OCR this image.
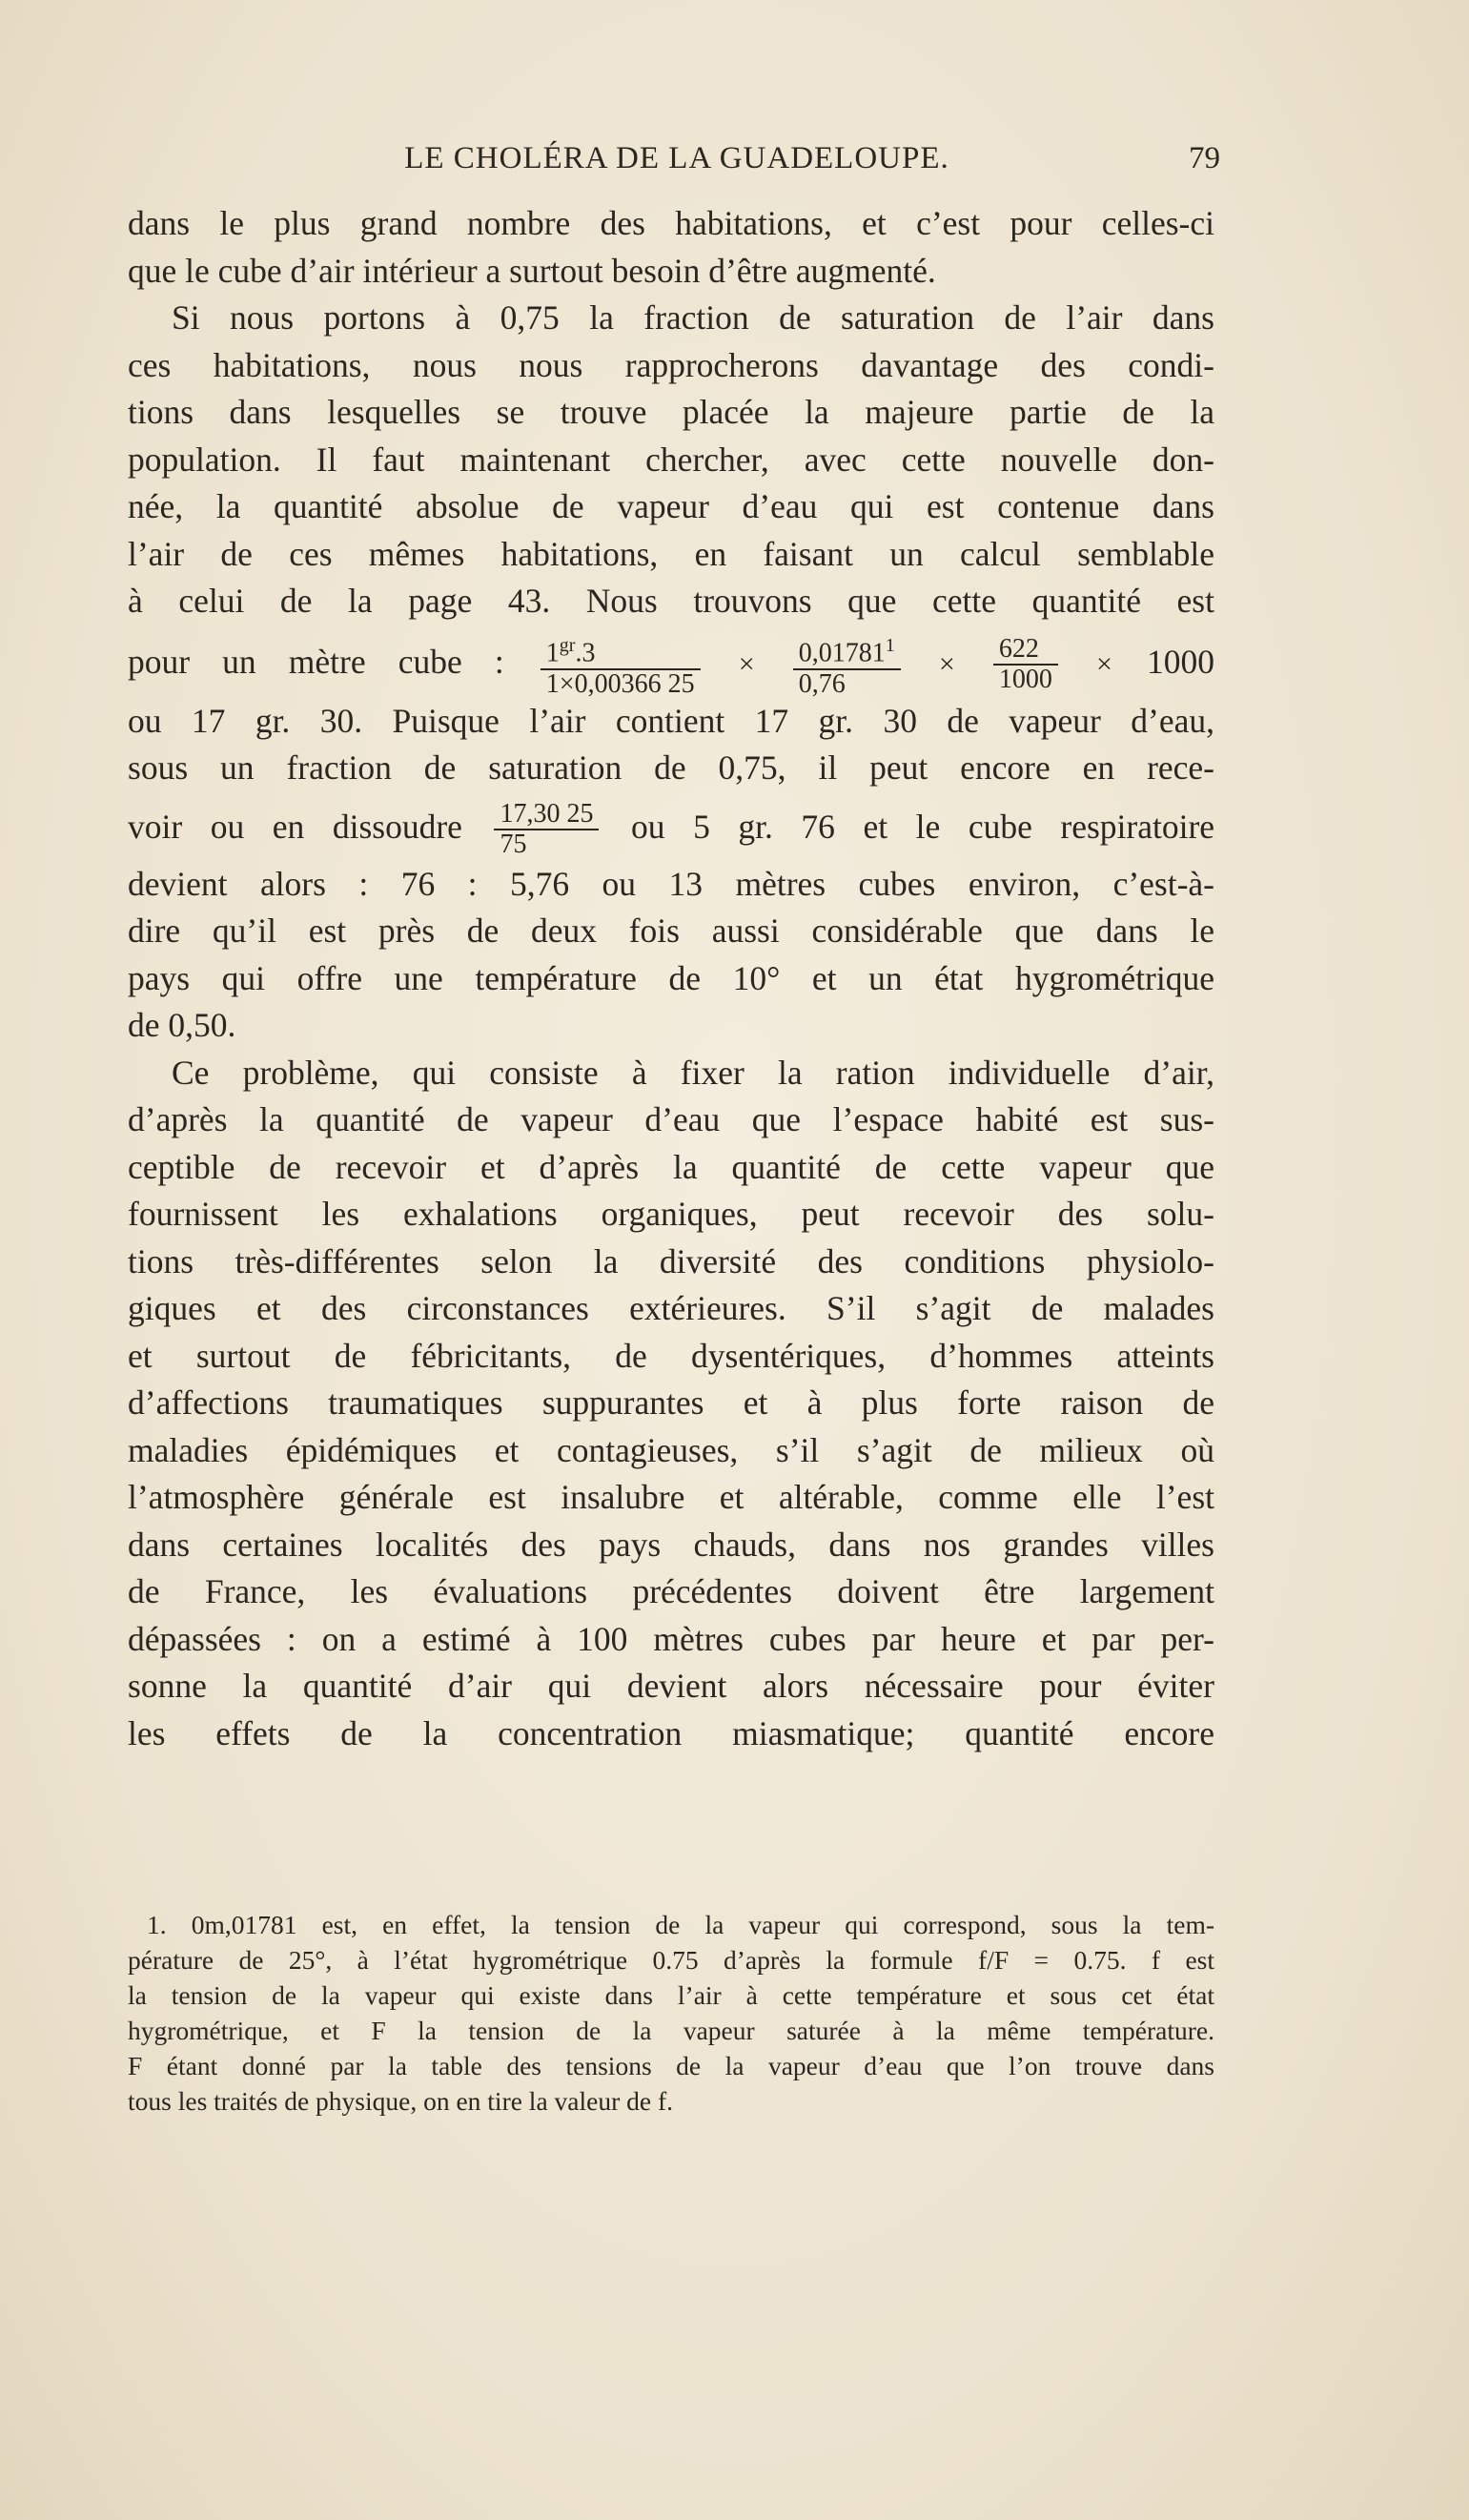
LE CHOLÉRA DE LA GUADELOUPE.	79

dans le plus grand nombre des habitations, et c’est pour celles-ci
que le cube d’air intérieur a surtout besoin d’être augmenté.

Si nous portons à 0,75 la fraction de saturation de l’air dans
ces habitations, nous nous rapprocherons davantage des condi-
tions dans lesquelles se trouve placée la majeure partie de la
population. Il faut maintenant chercher, avec cette nouvelle don-
née, la quantité absolue de vapeur d’eau qui est contenue dans
l’air de ces mêmes habitations, en faisant un calcul semblable
à celui de la page 43. Nous trouvons que cette quantité est
pour un mètre cube : $\frac{1^{gr}.3}{1\times 0,00366 25} \times \frac{0,01781^1}{0,76} \times \frac{622}{1000} \times 1000$
ou 17 gr. 30. Puisque l’air contient 17 gr. 30 de vapeur d’eau,
sous un fraction de saturation de 0,75, il peut encore en rece-
voir ou en dissoudre $\frac{17,30 25}{75}$ ou 5 gr. 76 et le cube respiratoire
devient alors : 76 : 5,76 ou 13 mètres cubes environ, c’est-à-
dire qu’il est près de deux fois aussi considérable que dans le
pays qui offre une température de 10° et un état hygrométrique
de 0,50.

Ce problème, qui consiste à fixer la ration individuelle d’air,
d’après la quantité de vapeur d’eau que l’espace habité est sus-
ceptible de recevoir et d’après la quantité de cette vapeur que
fournissent les exhalations organiques, peut recevoir des solu-
tions très-différentes selon la diversité des conditions physiolo-
giques et des circonstances extérieures. S’il s’agit de malades
et surtout de fébricitants, de dysentériques, d’hommes atteints
d’affections traumatiques suppurantes et à plus forte raison de
maladies épidémiques et contagieuses, s’il s’agit de milieux où
l’atmosphère générale est insalubre et altérable, comme elle l’est
dans certaines localités des pays chauds, dans nos grandes villes
de France, les évaluations précédentes doivent être largement
dépassées : on a estimé à 100 mètres cubes par heure et par per-
sonne la quantité d’air qui devient alors nécessaire pour éviter
les effets de la concentration miasmatique; quantité encore

1. 0m,01781 est, en effet, la tension de la vapeur qui correspond, sous la tem-
pérature de 25°, à l’état hygrométrique 0.75 d’après la formule f/F = 0.75. f est
la tension de la vapeur qui existe dans l’air à cette température et sous cet état
hygrométrique, et F la tension de la vapeur saturée à la même température.
F étant donné par la table des tensions de la vapeur d’eau que l’on trouve dans
tous les traités de physique, on en tire la valeur de f.
